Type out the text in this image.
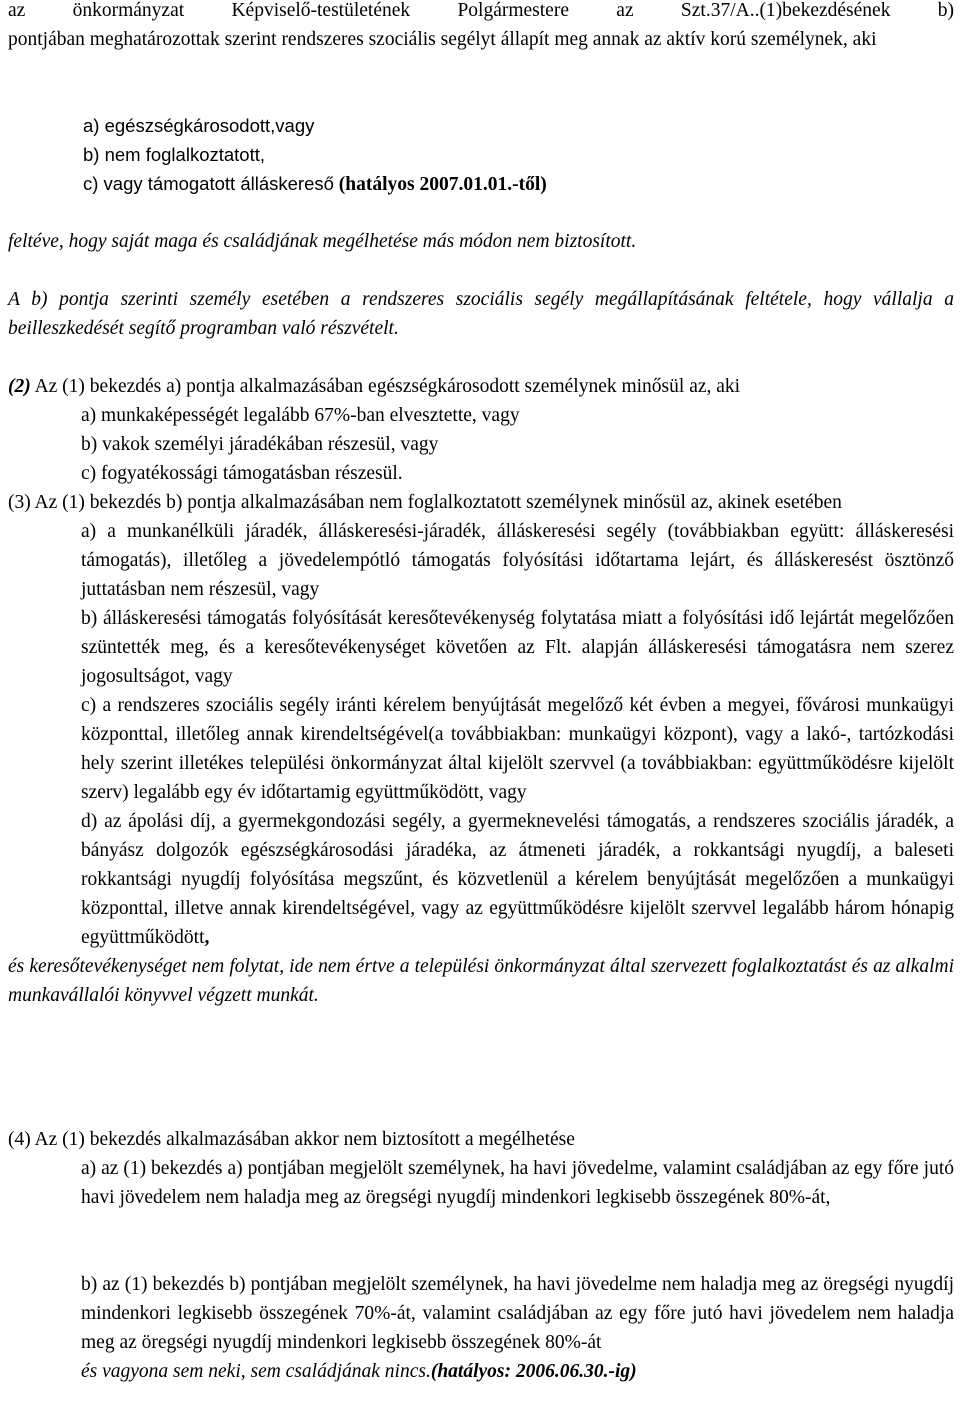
az önkormányzat Képviselő-testületének Polgármestere az Szt.37/A..(1)bekezdésének b)

pontjában meghatározottak szerint rendszeres szociális segélyt állapít meg annak az aktív korú személynek, aki

a) egészségkárosodott,vagy

b) nem foglalkoztatott,

c) vagy támogatott álláskereső (hatályos 2007.01.01.-től)

feltéve, hogy saját maga és családjának megélhetése más módon nem biztosított.

A b) pontja szerinti személy esetében a rendszeres szociális segély megállapításának feltétele, hogy vállalja a beilleszkedését segítő programban való részvételt.

(2) Az (1) bekezdés a) pontja alkalmazásában egészségkárosodott személynek minősül az, aki

a) munkaképességét legalább 67%-ban elvesztette, vagy

b) vakok személyi járadékában részesül, vagy

c) fogyatékossági támogatásban részesül.

(3) Az (1) bekezdés b) pontja alkalmazásában nem foglalkoztatott személynek minősül az, akinek esetében

a) a munkanélküli járadék, álláskeresési-járadék, álláskeresési segély (továbbiakban együtt: álláskeresési támogatás), illetőleg a jövedelempótló támogatás folyósítási időtartama lejárt, és álláskeresést ösztönző juttatásban nem részesül, vagy

b) álláskeresési támogatás folyósítását keresőtevékenység folytatása miatt a folyósítási idő lejártát megelőzően szüntették meg, és a keresőtevékenységet követően az Flt. alapján álláskeresési támogatásra nem szerez jogosultságot, vagy

c) a rendszeres szociális segély iránti kérelem benyújtását megelőző két évben a megyei, fővárosi munkaügyi központtal, illetőleg annak kirendeltségével(a továbbiakban: munkaügyi központ), vagy a lakó-, tartózkodási hely szerint illetékes települési önkormányzat által kijelölt szervvel (a továbbiakban: együttműködésre kijelölt szerv) legalább egy év időtartamig együttműködött, vagy

d) az ápolási díj, a gyermekgondozási segély, a gyermeknevelési támogatás, a rendszeres szociális járadék, a bányász dolgozók egészségkárosodási járadéka, az átmeneti járadék, a rokkantsági nyugdíj, a baleseti rokkantsági nyugdíj folyósítása megszűnt, és közvetlenül a kérelem benyújtását megelőzően a munkaügyi központtal, illetve annak kirendeltségével, vagy az együttműködésre kijelölt szervvel legalább három hónapig együttműködött,

és keresőtevékenységet nem folytat, ide nem értve a települési önkormányzat által szervezett foglalkoztatást és az alkalmi munkavállalói könyvvel végzett munkát.

(4) Az (1) bekezdés alkalmazásában akkor nem biztosított a megélhetése

a) az (1) bekezdés a) pontjában megjelölt személynek, ha havi jövedelme, valamint családjában az egy főre jutó havi jövedelem nem haladja meg az öregségi nyugdíj mindenkori legkisebb összegének 80%-át,

b) az (1) bekezdés b) pontjában megjelölt személynek, ha havi jövedelme nem haladja meg az öregségi nyugdíj mindenkori legkisebb összegének 70%-át, valamint családjában az egy főre jutó havi jövedelem nem haladja meg az öregségi nyugdíj mindenkori legkisebb összegének 80%-át

és vagyona sem neki, sem családjának nincs.(hatályos: 2006.06.30.-ig)
